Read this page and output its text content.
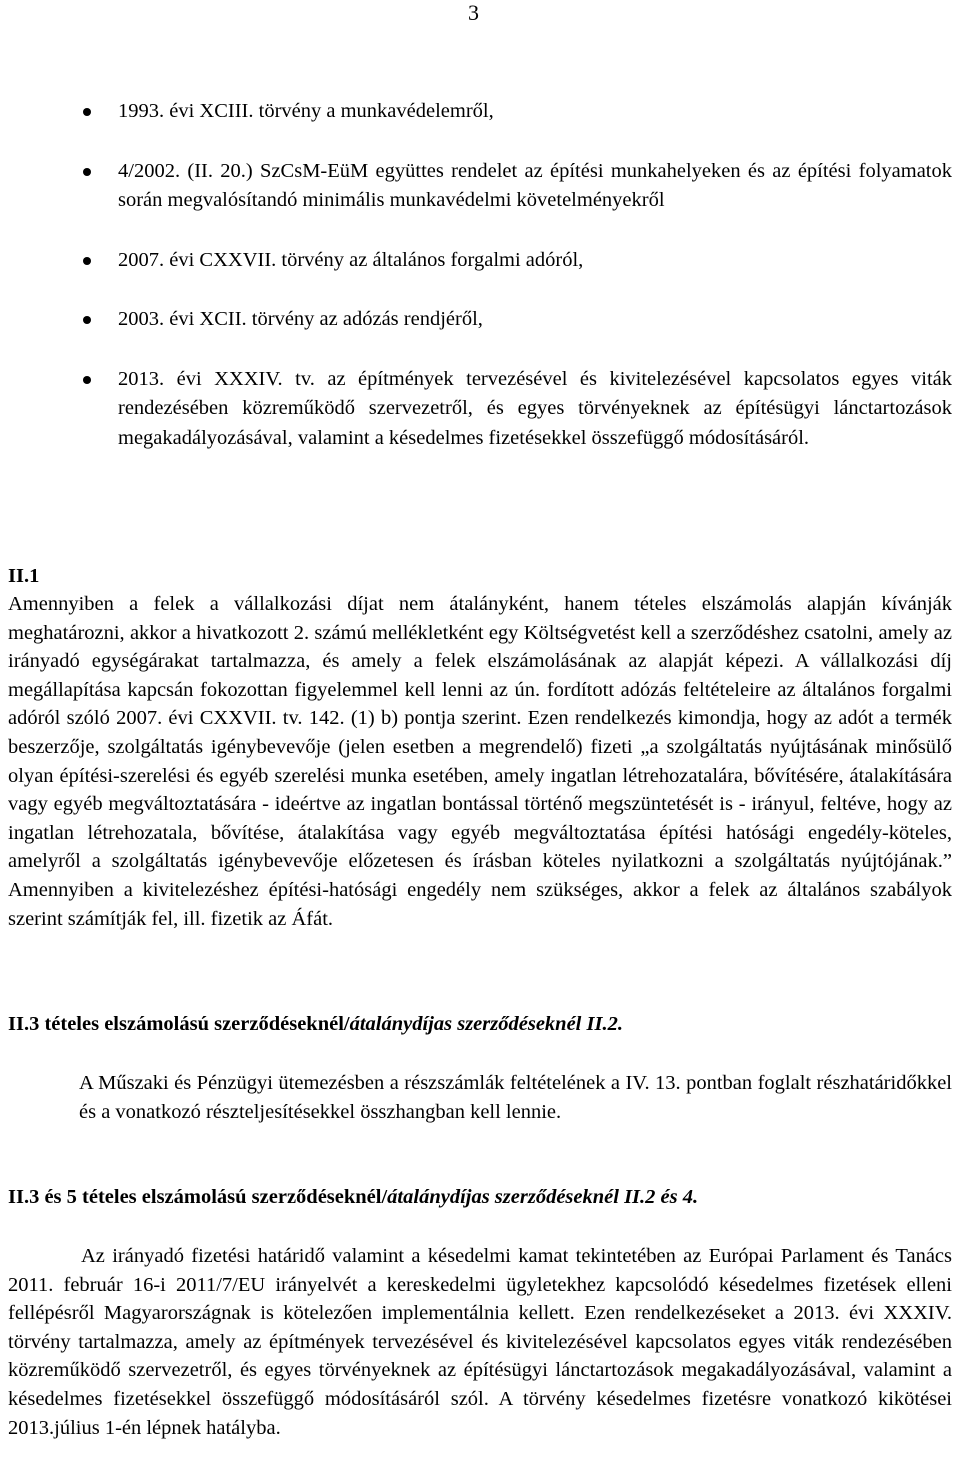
3
1993. évi XCIII. törvény a munkavédelemről,
4/2002. (II. 20.) SzCsM-EüM együttes rendelet az építési munkahelyeken és az építési folyamatok során megvalósítandó minimális munkavédelmi követelményekről
2007. évi CXXVII. törvény az általános forgalmi adóról,
2003. évi XCII. törvény az adózás rendjéről,
2013. évi XXXIV. tv. az építmények tervezésével és kivitelezésével kapcsolatos egyes viták rendezésében közreműködő szervezetről, és egyes törvényeknek az építésügyi lánctartozások megakadályozásával, valamint a késedelmes fizetésekkel összefüggő módosításáról.
II.1
Amennyiben a felek a vállalkozási díjat nem átalányként, hanem tételes elszámolás alapján kívánják meghatározni, akkor a hivatkozott 2. számú mellékletként egy Költségvetést kell a szerződéshez csatolni, amely az irányadó egységárakat tartalmazza, és amely a felek elszámolásának az alapját képezi. A vállalkozási díj megállapítása kapcsán fokozottan figyelemmel kell lenni az ún. fordított adózás feltételeire az általános forgalmi adóról szóló 2007. évi CXXVII. tv. 142. (1) b) pontja szerint. Ezen rendelkezés kimondja, hogy az adót a termék beszerzője, szolgáltatás igénybevevője (jelen esetben a megrendelő) fizeti „a szolgáltatás nyújtásának minősülő olyan építési-szerelési és egyéb szerelési munka esetében, amely ingatlan létrehozatalára, bővítésére, átalakítására vagy egyéb megváltoztatására - ideértve az ingatlan bontással történő megszüntetését is - irányul, feltéve, hogy az ingatlan létrehozatala, bővítése, átalakítása vagy egyéb megváltoztatása építési hatósági engedély-köteles, amelyről a szolgáltatás igénybevevője előzetesen és írásban köteles nyilatkozni a szolgáltatás nyújtójának.” Amennyiben a kivitelezéshez építési-hatósági engedély nem szükséges, akkor a felek az általános szabályok szerint számítják fel, ill. fizetik az Áfát.
II.3 tételes elszámolású szerződéseknél/átalánydíjas szerződéseknél II.2.
A Műszaki és Pénzügyi ütemezésben a részszámlák feltételének a IV. 13. pontban foglalt részhatáridőkkel és a vonatkozó részteljesítésekkel összhangban kell lennie.
II.3 és 5 tételes elszámolású szerződéseknél/átalánydíjas szerződéseknél II.2 és 4.
Az irányadó fizetési határidő valamint a késedelmi kamat tekintetében az Európai Parlament és Tanács 2011. február 16-i 2011/7/EU irányelvét a kereskedelmi ügyletekhez kapcsolódó késedelmes fizetések elleni fellépésről Magyarországnak is kötelezően implementálnia kellett. Ezen rendelkezéseket a 2013. évi XXXIV. törvény tartalmazza, amely az építmények tervezésével és kivitelezésével kapcsolatos egyes viták rendezésében közreműködő szervezetről, és egyes törvényeknek az építésügyi lánctartozások megakadályozásával, valamint a késedelmes fizetésekkel összefüggő módosításáról szól. A törvény késedelmes fizetésre vonatkozó kikötései 2013.július 1-én lépnek hatályba.
